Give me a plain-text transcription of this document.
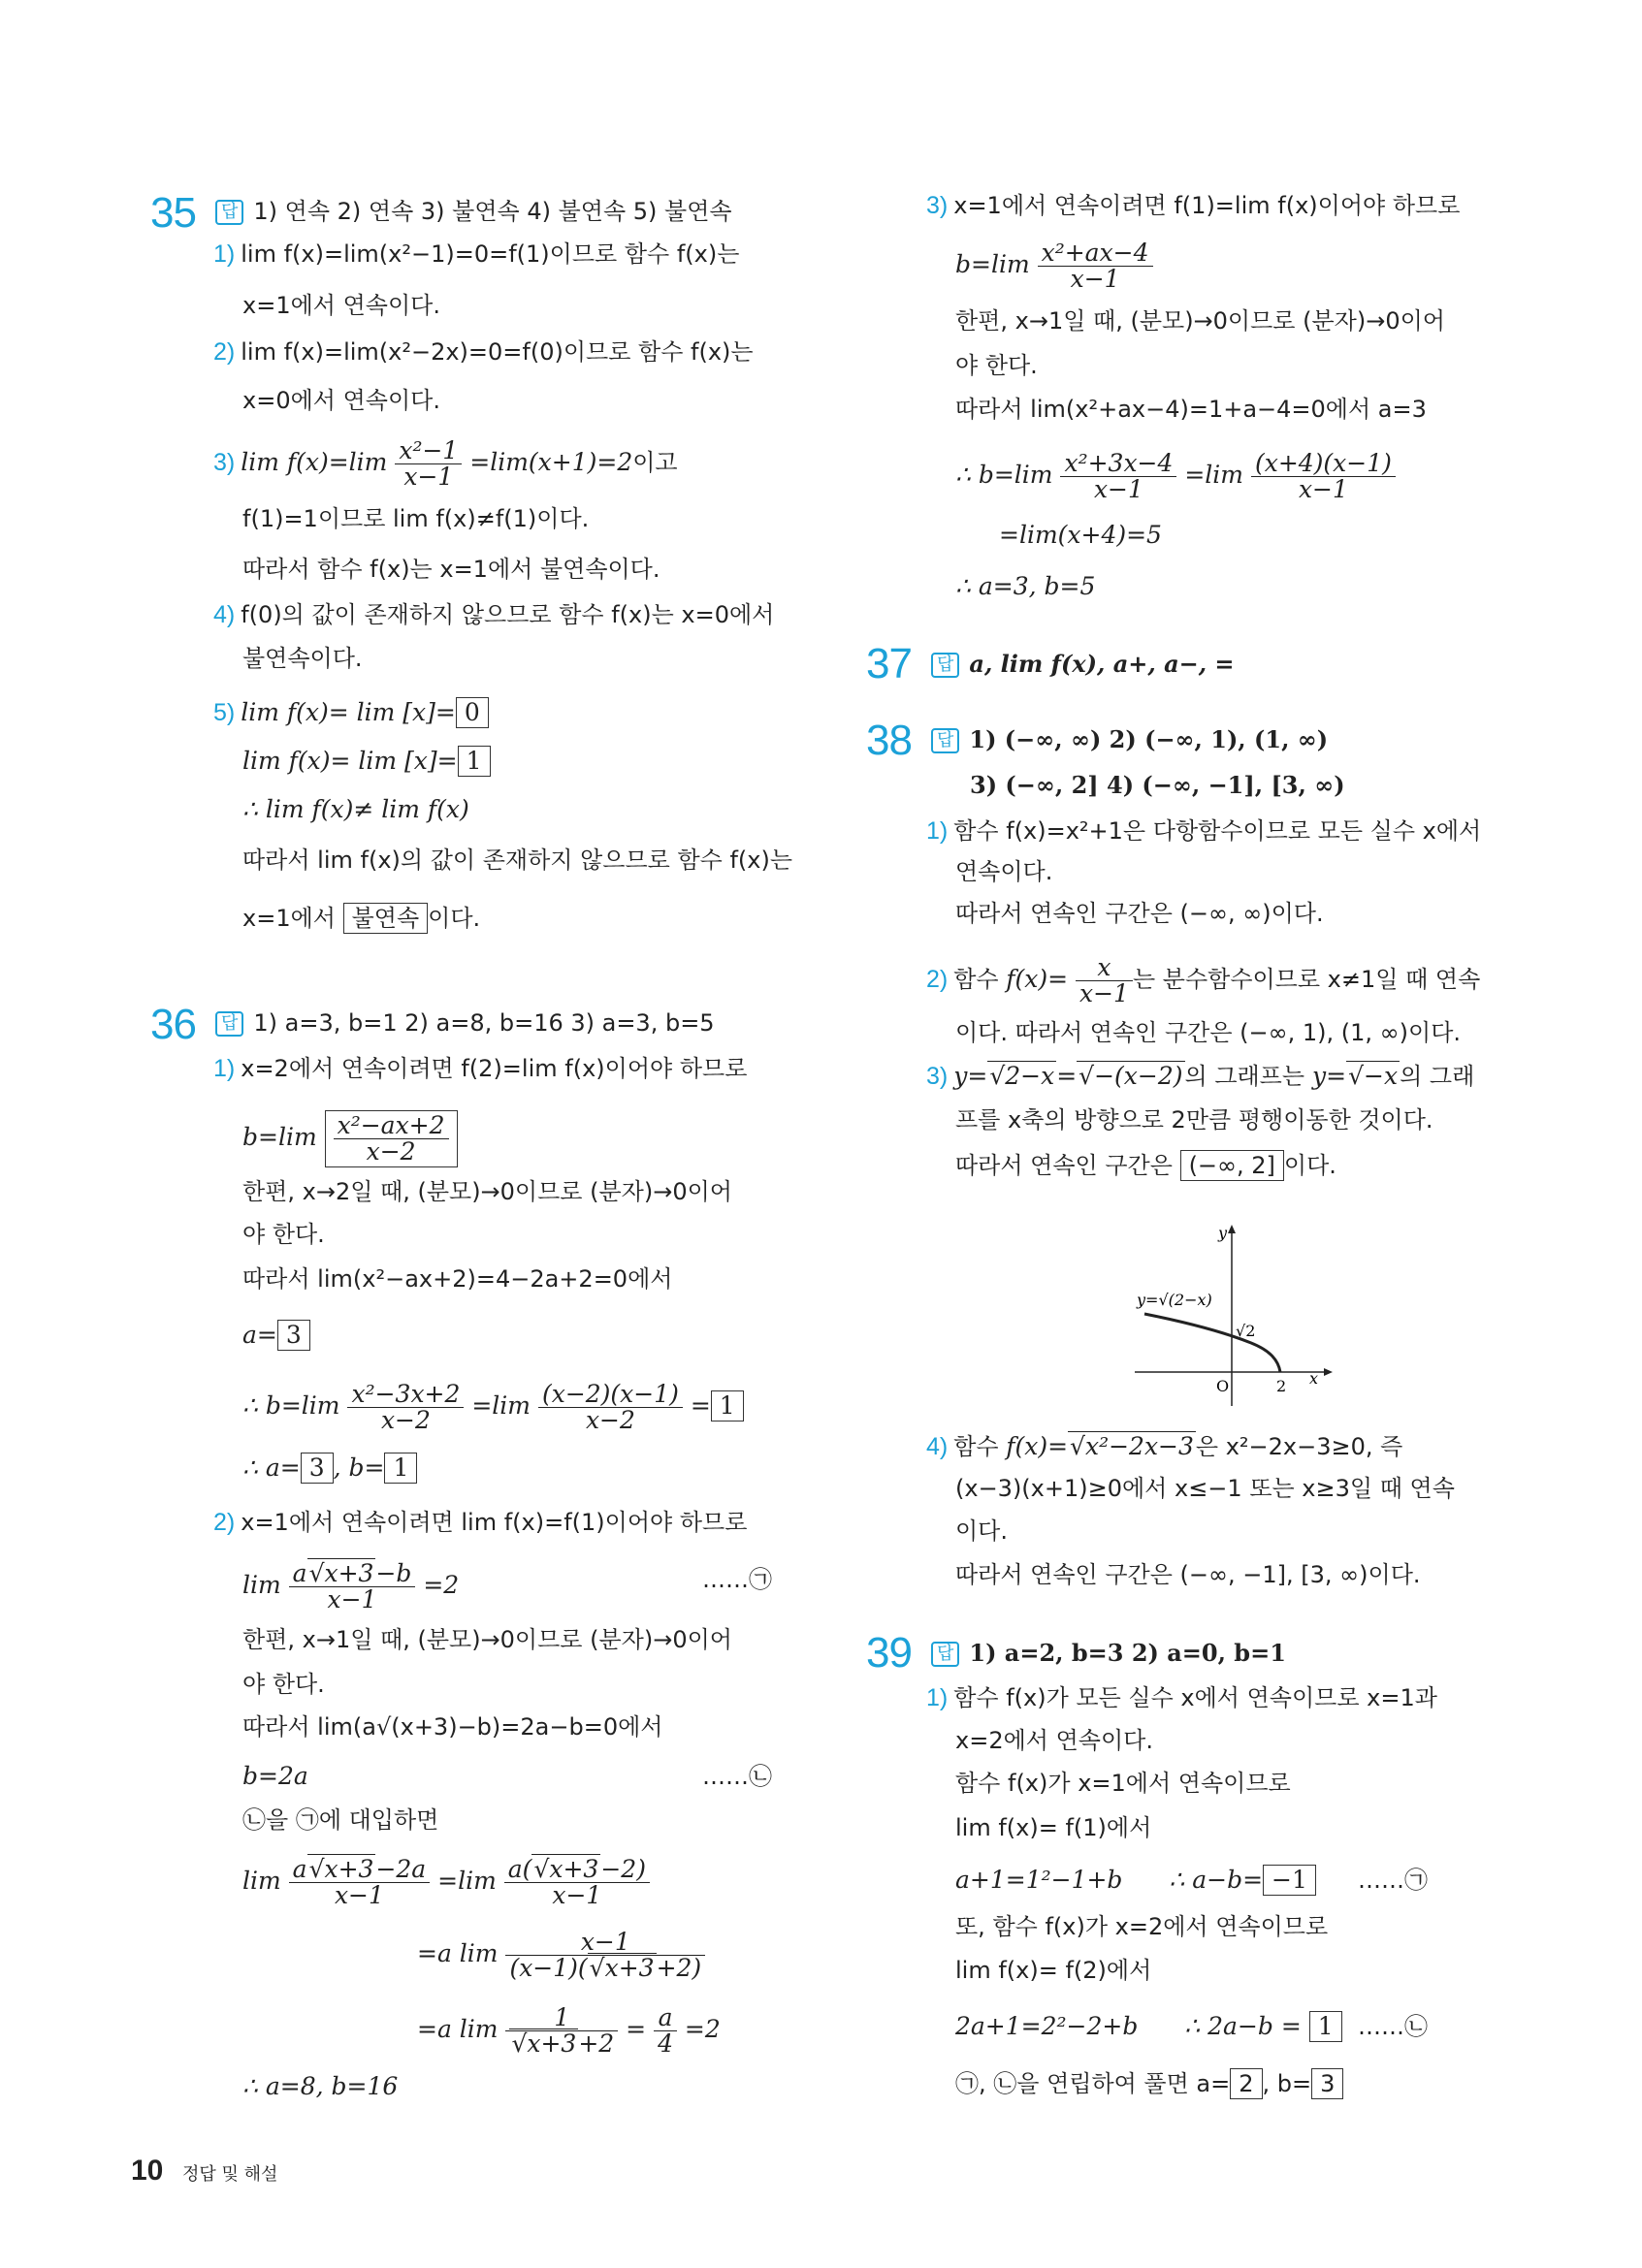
35	답 1) 연속 2) 연속 3) 불연속 4) 불연속 5) 불연속
1) lim f(x)=lim(x²−1)=0=f(1)이므로 함수 f(x)는
x=1에서 연속이다.
2) lim f(x)=lim(x²−2x)=0=f(0)이므로 함수 f(x)는
x=0에서 연속이다.
3) $\lim f(x)=\lim \frac{\text{x²−1}}{x-1} =\lim(x+1)=2$이고
f(1)=1이므로 lim f(x)≠f(1)이다.
따라서 함수 f(x)는 x=1에서 불연속이다.
4) f(0)의 값이 존재하지 않으므로 함수 f(x)는 x=0에서
불연속이다.
5) lim f(x)= lim [x]= 0
lim f(x)= lim [x]= 1
∴ lim f(x)≠ lim f(x)
따라서 lim f(x)의 값이 존재하지 않으므로 함수 f(x)는
x=1에서 불연속 이다.
36	답 1) a=3, b=1 2) a=8, b=16 3) a=3, b=5
1) x=2에서 연속이려면 f(2)=lim f(x)이어야 하므로
$b=\lim \frac{\text{x²−ax+2}}{x-2}$
한편, x→2일 때, (분모)→0이므로 (분자)→0이어
야 한다.
따라서 lim(x²−ax+2)=4−2a+2=0에서
a= 3
∴ $b=\lim \frac{\text{x²−3x+2}}{x-2} =\lim \frac{(x-2)(x-1)}{x-2} = 1$
∴ a= 3 , b= 1
2) x=1에서 연속이려면 lim f(x)=f(1)이어야 하므로
$\lim \frac{a√x+3-b}{x-1} =2$	……㉠
한편, x→1일 때, (분모)→0이므로 (분자)→0이어
야 한다.
따라서 lim(a√(x+3)−b)=2a−b=0에서
b=2a	……㉡
㉡을 ㉠에 대입하면
$\lim \frac{a√x+3-2a}{x-1} =\lim \frac{a(√x+3-2)}{x-1}$
=a $\lim \frac{x-1}{(x-1)(√x+3+2)}$
=a $\lim \frac{1}{√x+3+2} = \frac{a}{4} =2$
∴ a=8, b=16
3) x=1에서 연속이려면 f(1)=lim f(x)이어야 하므로
$b=\lim \frac{\text{x²+ax−4}}{x-1}$
한편, x→1일 때, (분모)→0이므로 (분자)→0이어
야 한다.
따라서 lim(x²+ax−4)=1+a−4=0에서 a=3
∴ $b=\lim \frac{\text{x²+3x−4}}{x-1} =\lim \frac{(x+4)(x-1)}{x-1}$
=lim(x+4)=5
∴ a=3, b=5
37	답 a, lim f(x), a+, a−, =
38	답 1) (−∞, ∞) 2) (−∞, 1), (1, ∞)
3) (−∞, 2] 4) (−∞, −1], [3, ∞)
1) 함수 f(x)=x²+1은 다항함수이므로 모든 실수 x에서
연속이다.
따라서 연속인 구간은 (−∞, ∞)이다.
2) 함수 $f(x)= \frac{x}{x-1}$ 는 분수함수이므로 x≠1일 때 연속
이다. 따라서 연속인 구간은 (−∞, 1), (1, ∞)이다.
3) y=√2−x=√−(x−2)의 그래프는 y=√−x의 그래
프를 x축의 방향으로 2만큼 평행이동한 것이다.
따라서 연속인 구간은 (−∞, 2] 이다.
y
x
O	2
√2
y=√(2−x)
4) 함수 f(x)=√x²−2x−3은 x²−2x−3≥0, 즉
(x−3)(x+1)≥0에서 x≤−1 또는 x≥3일 때 연속
이다.
따라서 연속인 구간은 (−∞, −1], [3, ∞)이다.
39	답 1) a=2, b=3 2) a=0, b=1
1) 함수 f(x)가 모든 실수 x에서 연속이므로 x=1과
x=2에서 연속이다.
함수 f(x)가 x=1에서 연속이므로
lim f(x)= f(1)에서
a+1=1²−1+b ∴ a−b= −1	……㉠
또, 함수 f(x)가 x=2에서 연속이므로
lim f(x)= f(2)에서
2a+1=2²−2+b ∴ 2a−b = 1	……㉡
㉠, ㉡을 연립하여 풀면 a= 2 , b= 3
10 정답 및 해설
